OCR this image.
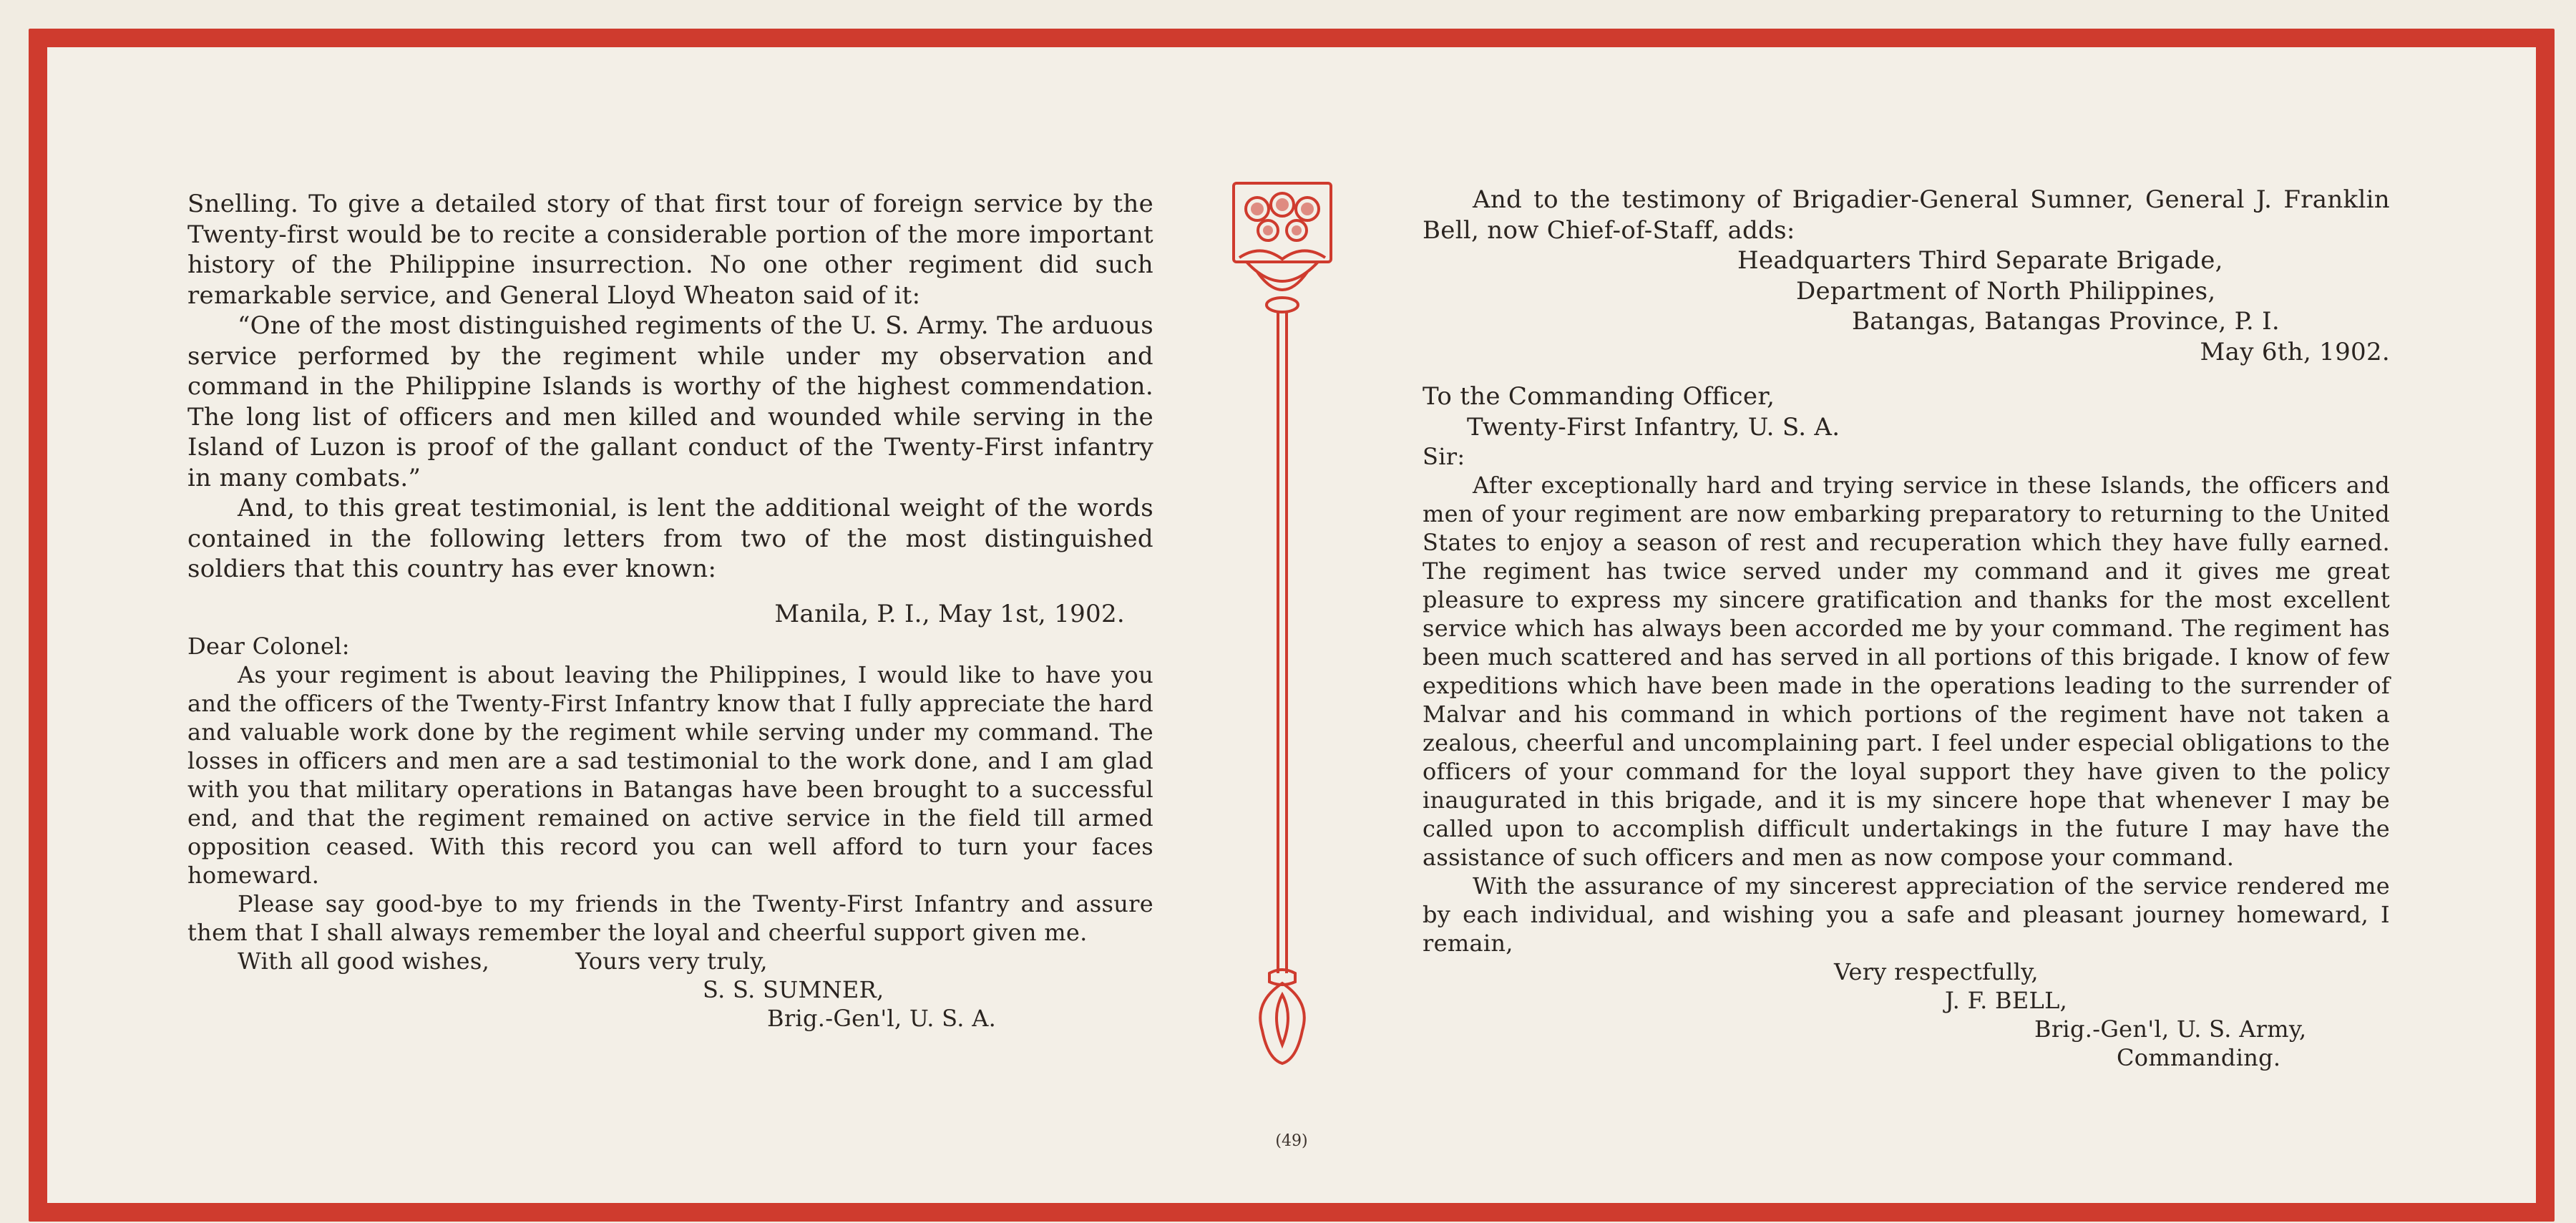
Snelling. To give a detailed story of that first tour of foreign service by the Twenty-first would be to recite a considerable portion of the more important history of the Philippine insurrection. No one other regiment did such remarkable service, and General Lloyd Wheaton said of it:

“One of the most distinguished regiments of the U. S. Army. The arduous service performed by the regiment while under my observation and command in the Philippine Islands is worthy of the highest commendation. The long list of officers and men killed and wounded while serving in the Island of Luzon is proof of the gallant conduct of the Twenty-First infantry in many combats.”

And, to this great testimonial, is lent the additional weight of the words contained in the following letters from two of the most distinguished soldiers that this country has ever known:

Manila, P. I., May 1st, 1902.

Dear Colonel:

As your regiment is about leaving the Philippines, I would like to have you and the officers of the Twenty-First Infantry know that I fully appreciate the hard and valuable work done by the regiment while serving under my command. The losses in officers and men are a sad testimonial to the work done, and I am glad with you that military operations in Batangas have been brought to a successful end, and that the regiment remained on active service in the field till armed opposition ceased. With this record you can well afford to turn your faces homeward.

Please say good-bye to my friends in the Twenty-First Infantry and assure them that I shall always remember the loyal and cheerful support given me.

With all good wishes,	Yours very truly,

S. S. SUMNER,

Brig.-Gen'l, U. S. A.

And to the testimony of Brigadier-General Sumner, General J. Franklin Bell, now Chief-of-Staff, adds:

Headquarters Third Separate Brigade,

Department of North Philippines,

Batangas, Batangas Province, P. I.

May 6th, 1902.

To the Commanding Officer,

Twenty-First Infantry, U. S. A.

Sir:

After exceptionally hard and trying service in these Islands, the officers and men of your regiment are now embarking preparatory to returning to the United States to enjoy a season of rest and recuperation which they have fully earned. The regiment has twice served under my command and it gives me great pleasure to express my sincere gratification and thanks for the most excellent service which has always been accorded me by your command. The regiment has been much scattered and has served in all portions of this brigade. I know of few expeditions which have been made in the operations leading to the surrender of Malvar and his command in which portions of the regiment have not taken a zealous, cheerful and uncomplaining part. I feel under especial obligations to the officers of your command for the loyal support they have given to the policy inaugurated in this brigade, and it is my sincere hope that whenever I may be called upon to accomplish difficult undertakings in the future I may have the assistance of such officers and men as now compose your command.

With the assurance of my sincerest appreciation of the service rendered me by each individual, and wishing you a safe and pleasant journey homeward, I remain,

Very respectfully,

J. F. BELL,

Brig.-Gen'l, U. S. Army,

Commanding.

(49)
